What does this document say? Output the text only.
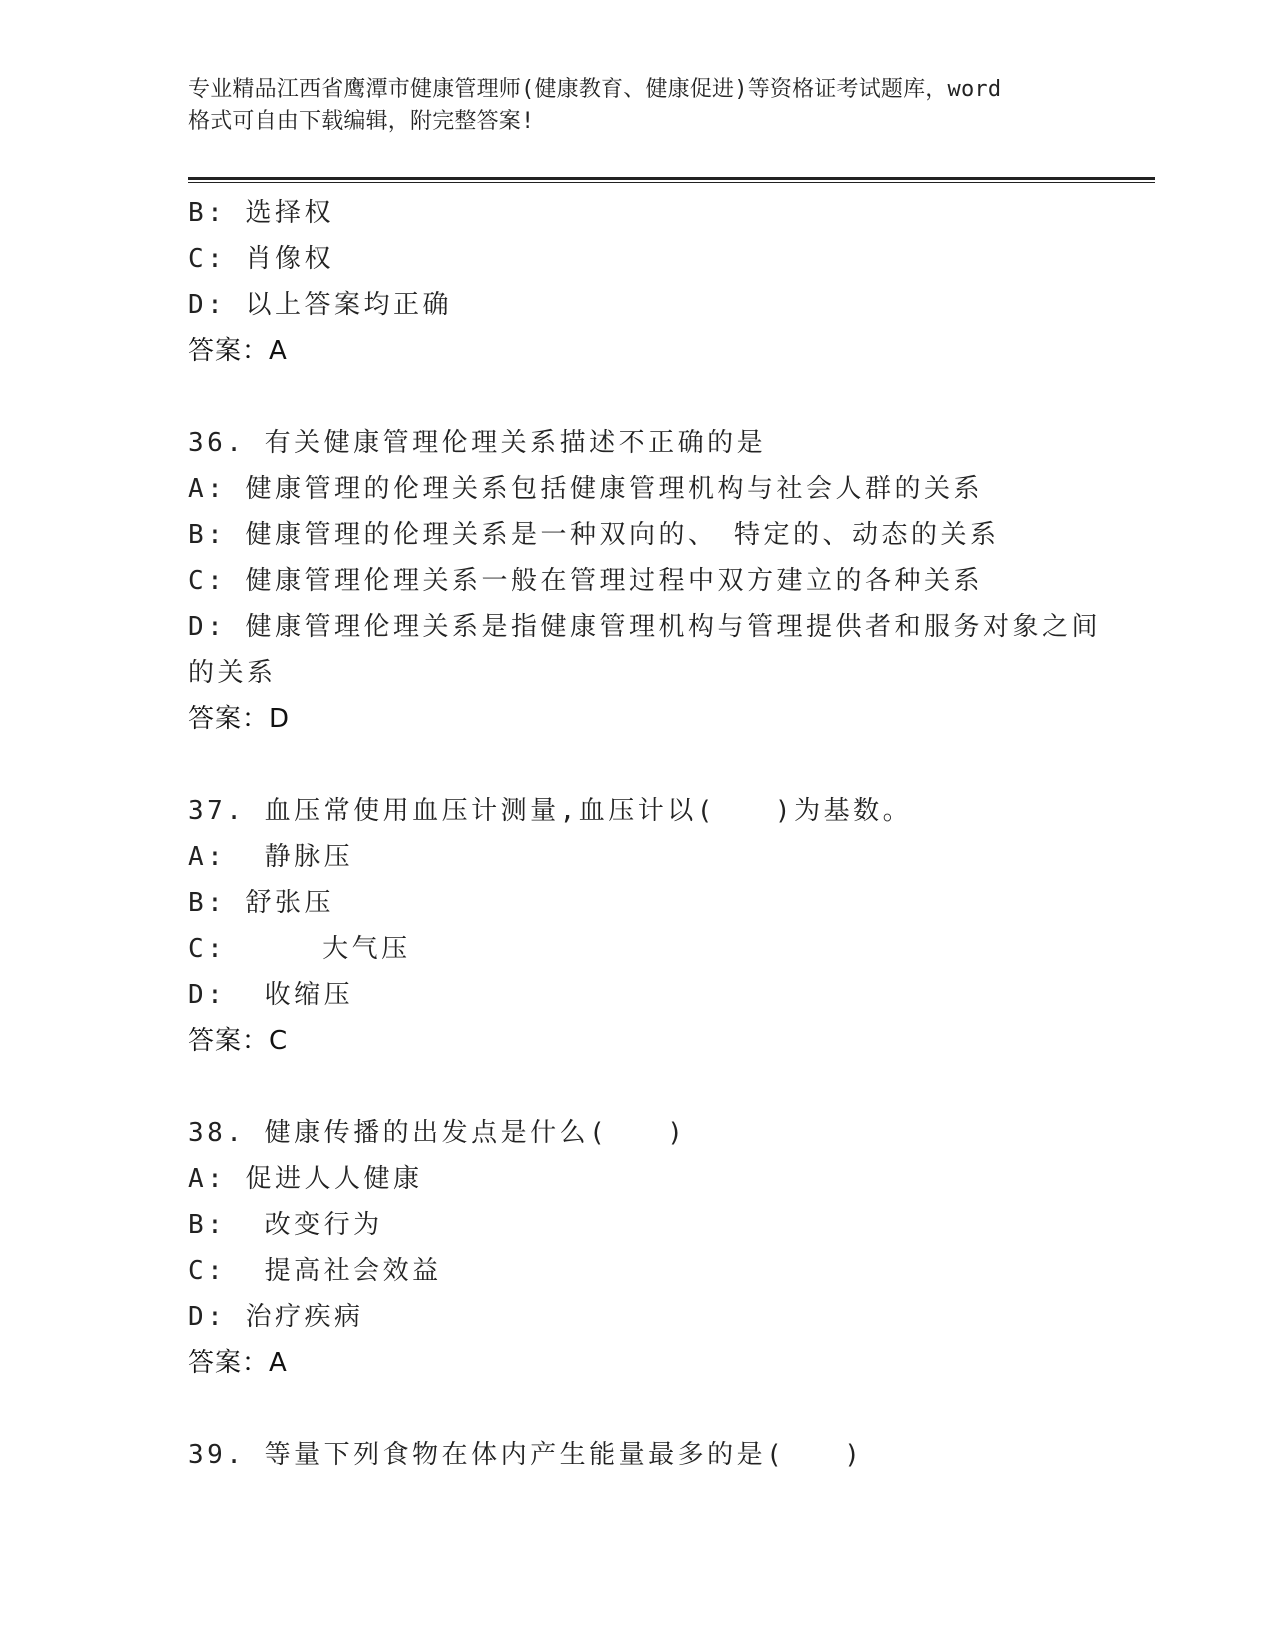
专业精品江西省鹰潭市健康管理师(健康教育、健康促进)等资格证考试题库，word
格式可自由下载编辑，附完整答案!
B: 选择权
C: 肖像权
D: 以上答案均正确
答案：A
36. 有关健康管理伦理关系描述不正确的是
A: 健康管理的伦理关系包括健康管理机构与社会人群的关系
B: 健康管理的伦理关系是一种双向的、　特定的、动态的关系
C: 健康管理伦理关系一般在管理过程中双方建立的各种关系
D: 健康管理伦理关系是指健康管理机构与管理提供者和服务对象之间
的关系
答案：D
37. 血压常使用血压计测量,血压计以(　　)为基数。
A:  静脉压
B: 舒张压
C:     大气压
D:  收缩压
答案：C
38. 健康传播的出发点是什么(　　)
A: 促进人人健康
B:  改变行为
C:  提高社会效益
D: 治疗疾病
答案：A
39. 等量下列食物在体内产生能量最多的是(　　)
